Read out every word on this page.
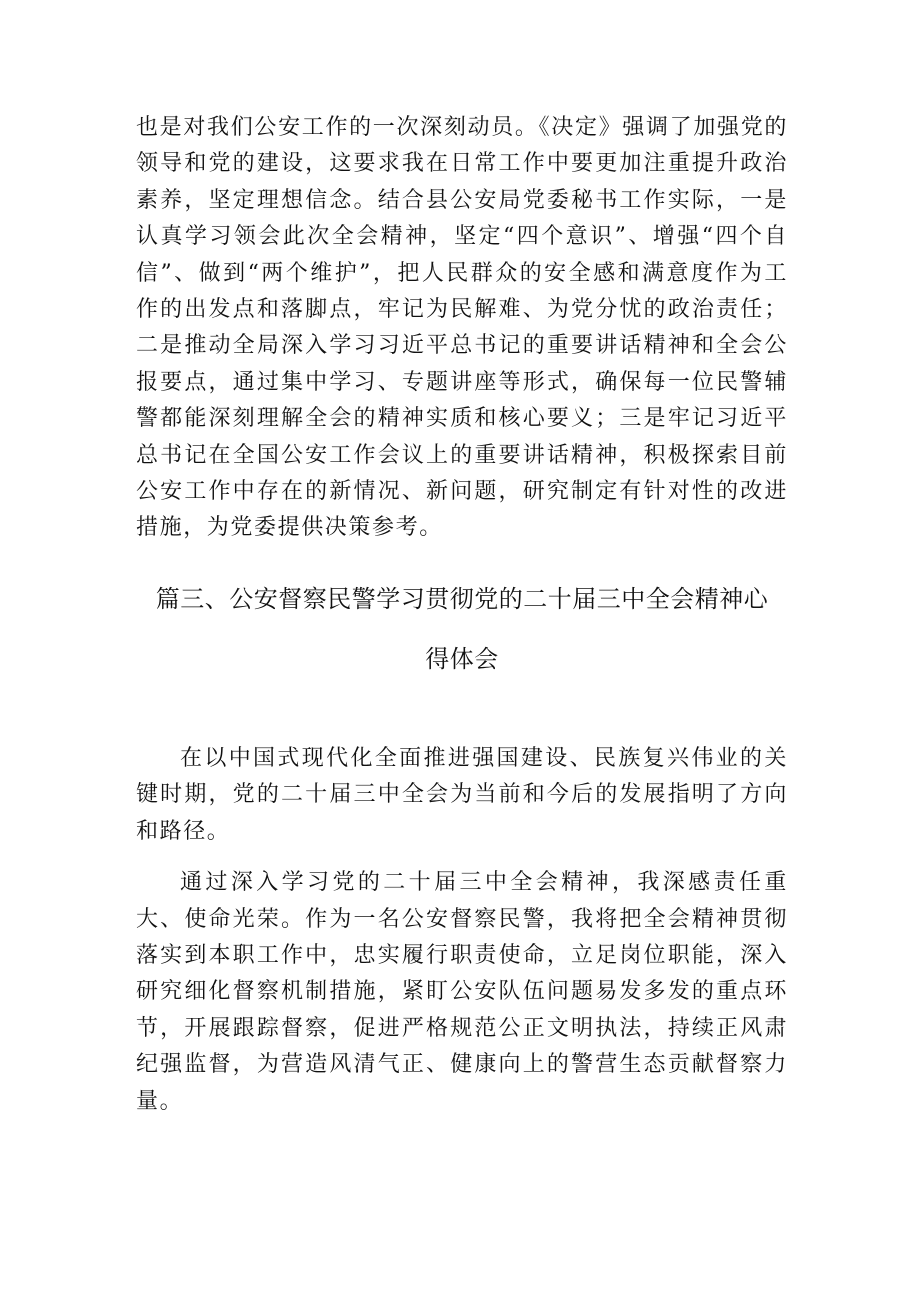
也是对我们公安工作的一次深刻动员。《决定》强调了加强党的领导和党的建设，这要求我在日常工作中要更加注重提升政治素养，坚定理想信念。结合县公安局党委秘书工作实际，一是认真学习领会此次全会精神，坚定“四个意识”、增强“四个自信”、做到“两个维护”，把人民群众的安全感和满意度作为工作的出发点和落脚点，牢记为民解难、为党分忧的政治责任；二是推动全局深入学习习近平总书记的重要讲话精神和全会公报要点，通过集中学习、专题讲座等形式，确保每一位民警辅警都能深刻理解全会的精神实质和核心要义；三是牢记习近平总书记在全国公安工作会议上的重要讲话精神，积极探索目前公安工作中存在的新情况、新问题，研究制定有针对性的改进措施，为党委提供决策参考。

篇三、公安督察民警学习贯彻党的二十届三中全会精神心

得体会

在以中国式现代化全面推进强国建设、民族复兴伟业的关键时期，党的二十届三中全会为当前和今后的发展指明了方向和路径。

通过深入学习党的二十届三中全会精神，我深感责任重大、使命光荣。作为一名公安督察民警，我将把全会精神贯彻落实到本职工作中，忠实履行职责使命，立足岗位职能，深入研究细化督察机制措施，紧盯公安队伍问题易发多发的重点环节，开展跟踪督察，促进严格规范公正文明执法，持续正风肃纪强监督，为营造风清气正、健康向上的警营生态贡献督察力量。
